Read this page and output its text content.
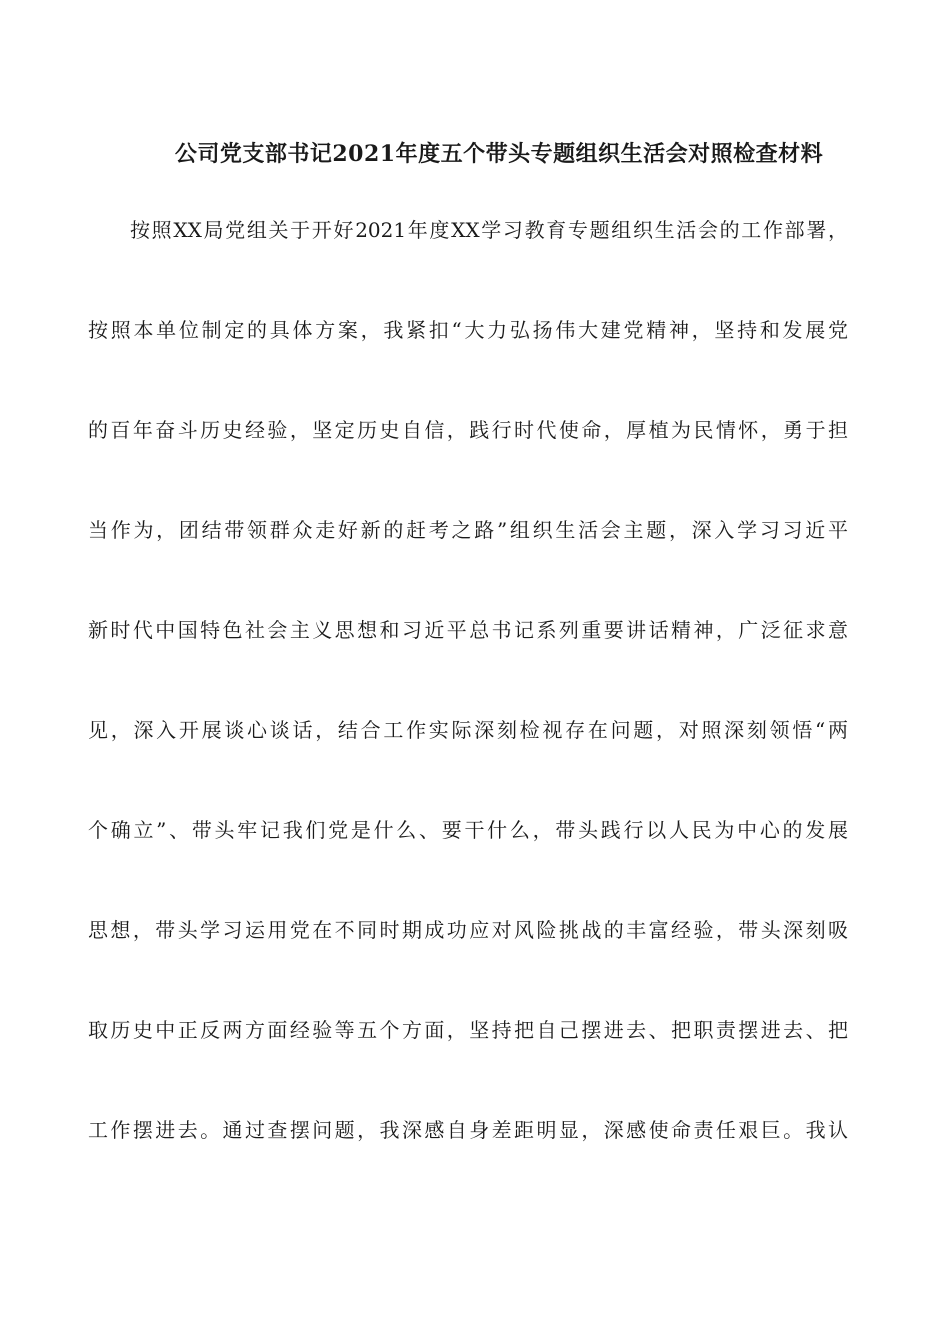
公司党支部书记2021年度五个带头专题组织生活会对照检查材料
按照XX局党组关于开好2021年度XX学习教育专题组织生活会的工作部署，
按照本单位制定的具体方案，我紧扣“大力弘扬伟大建党精神，坚持和发展党
的百年奋斗历史经验，坚定历史自信，践行时代使命，厚植为民情怀，勇于担
当作为，团结带领群众走好新的赶考之路”组织生活会主题，深入学习习近平
新时代中国特色社会主义思想和习近平总书记系列重要讲话精神，广泛征求意
见，深入开展谈心谈话，结合工作实际深刻检视存在问题，对照深刻领悟“两
个确立”、带头牢记我们党是什么、要干什么，带头践行以人民为中心的发展
思想，带头学习运用党在不同时期成功应对风险挑战的丰富经验，带头深刻吸
取历史中正反两方面经验等五个方面，坚持把自己摆进去、把职责摆进去、把
工作摆进去。通过查摆问题，我深感自身差距明显，深感使命责任艰巨。我认
